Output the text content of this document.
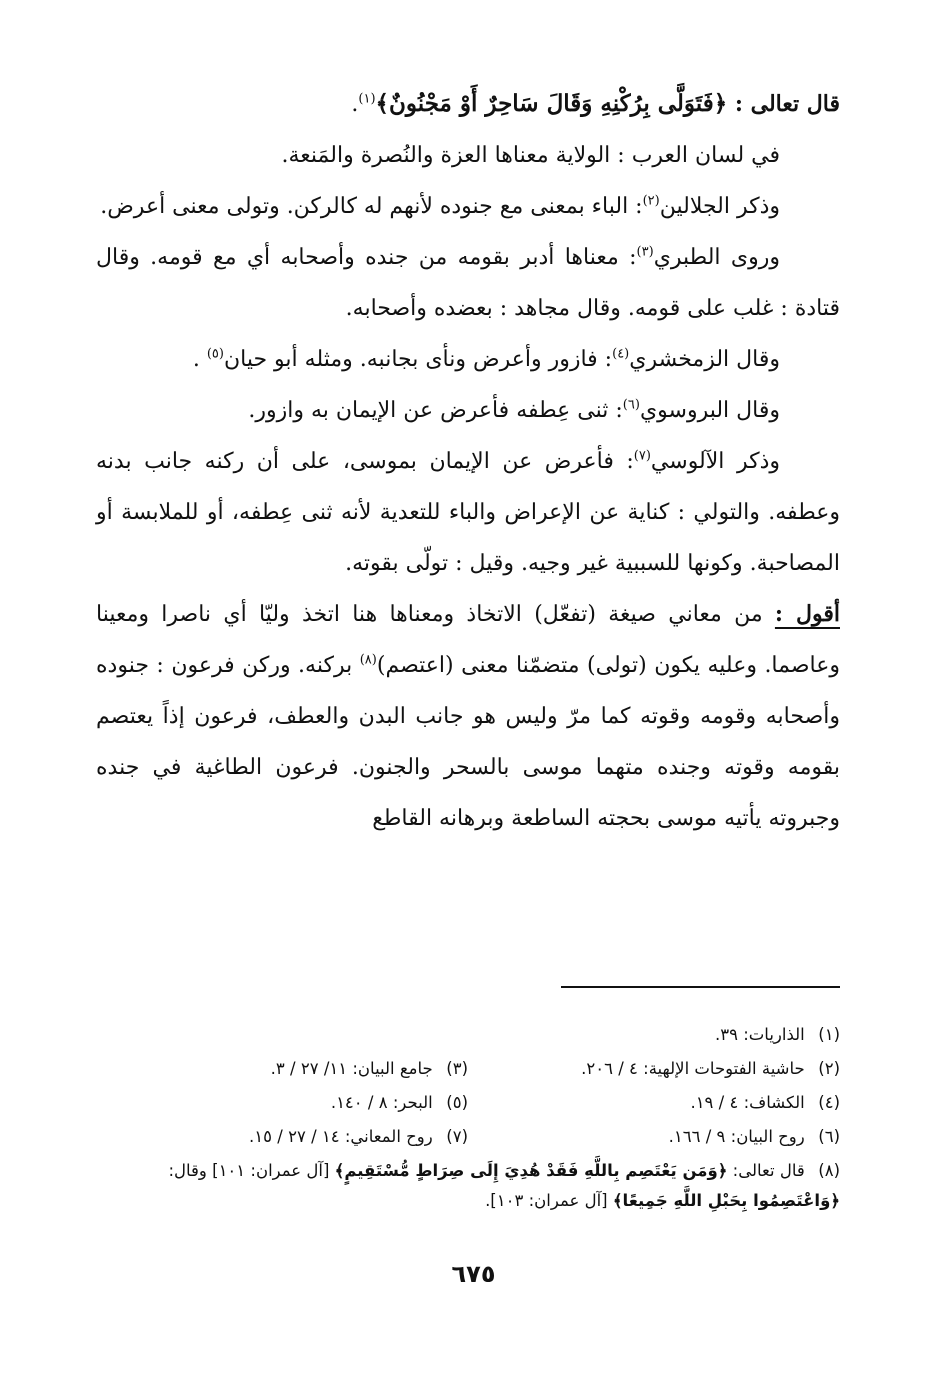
قال تعالى : ﴿فَتَوَلَّى بِرُكْنِهِ وَقَالَ سَاحِرٌ أَوْ مَجْنُونٌ﴾$^{(١)}$.

في لسان العرب : الولاية معناها العزة والنُصرة والمَنعة.

وذكر الجلالين$^{(٢)}$: الباء بمعنى مع جنوده لأنهم له كالركن. وتولى معنى أعرض.

وروى الطبري$^{(٣)}$: معناها أدبر بقومه من جنده وأصحابه أي مع قومه. وقال قتادة : غلب على قومه. وقال مجاهد : بعضده وأصحابه.

وقال الزمخشري$^{(٤)}$: فازور وأعرض ونأى بجانبه. ومثله أبو حيان$^{(٥)}$ .

وقال البروسوي$^{(٦)}$: ثنى عِطفه فأعرض عن الإيمان به وازور.

وذكر الآلوسي$^{(٧)}$: فأعرض عن الإيمان بموسى، على أن ركنه جانب بدنه وعطفه. والتولي : كناية عن الإعراض والباء للتعدية لأنه ثنى عِطفه، أو للملابسة أو المصاحبة. وكونها للسببية غير وجيه. وقيل : تولّى بقوته.

أقول : من معاني صيغة (تفعّل) الاتخاذ ومعناها هنا اتخذ وليّا أي ناصرا ومعينا وعاصما. وعليه يكون (تولى) متضمّنا معنى (اعتصم)$^{(٨)}$ بركنه. وركن فرعون : جنوده وأصحابه وقومه وقوته كما مرّ وليس هو جانب البدن والعطف، فرعون إذاً يعتصم بقومه وقوته وجنده متهما موسى بالسحر والجنون. فرعون الطاغية في جنده وجبروته يأتيه موسى بحجته الساطعة وبرهانه القاطع

(١) الذاريات: ٣٩.
(٢) حاشية الفتوحات الإلهية: ٤ / ٢٠٦.
(٣) جامع البيان: ١١/ ٢٧ / ٣.
(٤) الكشاف: ٤ / ١٩.
(٥) البحر: ٨ / ١٤٠.
(٦) روح البيان: ٩ / ١٦٦.
(٧) روح المعاني: ١٤ / ٢٧ / ١٥.
(٨) قال تعالى: ﴿وَمَن يَعْتَصِم بِاللَّهِ فَقَدْ هُدِيَ إِلَى صِرَاطٍ مُّسْتَقِيمٍ﴾ [آل عمران: ١٠١] وقال: ﴿وَاعْتَصِمُوا بِحَبْلِ اللَّهِ جَمِيعًا﴾ [آل عمران: ١٠٣].
٦٧٥
